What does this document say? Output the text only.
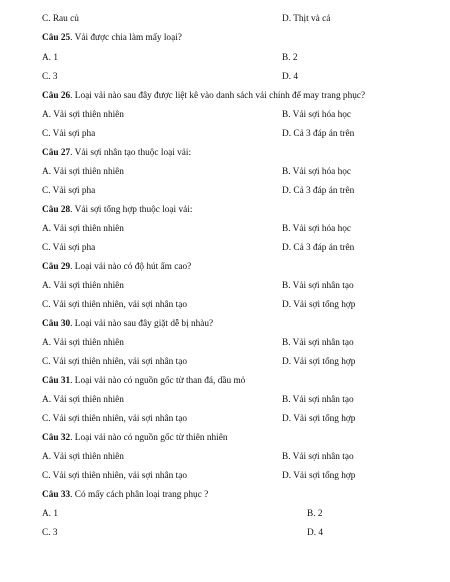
C. Rau củ	D. Thịt và cá
Câu 25. Vải được chia làm mấy loại?
A. 1	B. 2
C. 3	D. 4
Câu 26. Loại vải nào sau đây được liệt kê vào danh sách vải chính để may trang phục?
A. Vải sợi thiên nhiên	B. Vải sợi hóa học
C. Vải sợi pha	D. Cả 3 đáp án trên
Câu 27. Vải sợi nhân tạo thuộc loại vải:
A. Vải sợi thiên nhiên	B. Vải sợi hóa học
C. Vải sợi pha	D. Cả 3 đáp án trên
Câu 28. Vải sợi tổng hợp thuộc loại vải:
A. Vải sợi thiên nhiên	B. Vải sợi hóa học
C. Vải sợi pha	D. Cả 3 đáp án trên
Câu 29. Loại vải nào có độ hút ẩm cao?
A. Vải sợi thiên nhiên	B. Vải sợi nhân tạo
C. Vải sợi thiên nhiên, vải sợi nhân tạo	D. Vải sợi tổng hợp
Câu 30. Loại vải nào sau đây giặt dễ bị nhàu?
A. Vải sợi thiên nhiên	B. Vải sợi nhân tạo
C. Vải sợi thiên nhiên, vải sợi nhân tạo	D. Vải sợi tổng hợp
Câu 31. Loại vải nào có nguồn gốc từ than đá, dầu mỏ
A. Vải sợi thiên nhiên	B. Vải sợi nhân tạo
C. Vải sợi thiên nhiên, vải sợi nhân tạo	D. Vải sợi tổng hợp
Câu 32. Loại vải nào có nguồn gốc từ thiên nhiên
A. Vải sợi thiên nhiên	B. Vải sợi nhân tạo
C. Vải sợi thiên nhiên, vải sợi nhân tạo	D. Vải sợi tổng hợp
Câu 33. Có mấy cách phân loại trang phục ?
A. 1	B. 2
C. 3	D. 4
